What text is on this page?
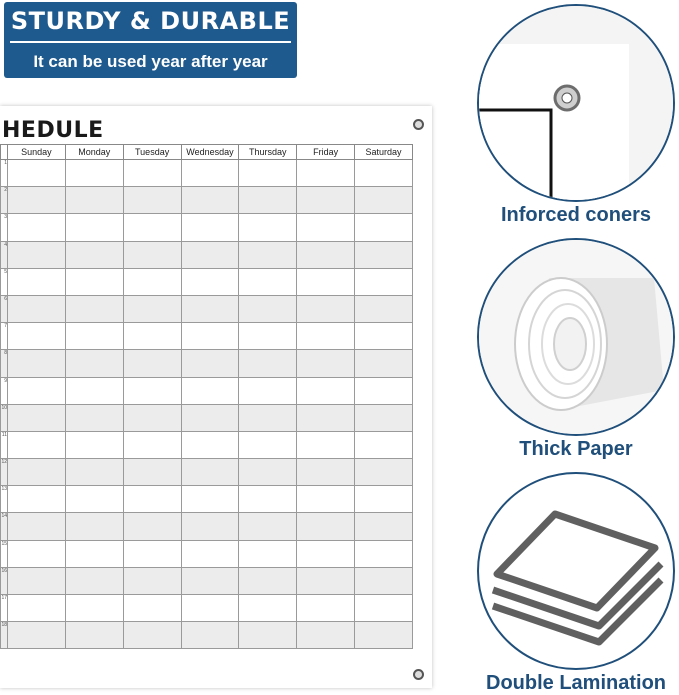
STURDY & DURABLE
It can be used year after year
HEDULE
	Sunday	Monday	Tuesday	Wednesday	Thursday	Friday	Saturday
1							
2							
3							
4							
5							
6							
7							
8							
9							
10							
11							
12							
13							
14							
15							
16							
17							
18							
Inforced coners
Thick Paper
Double Lamination
